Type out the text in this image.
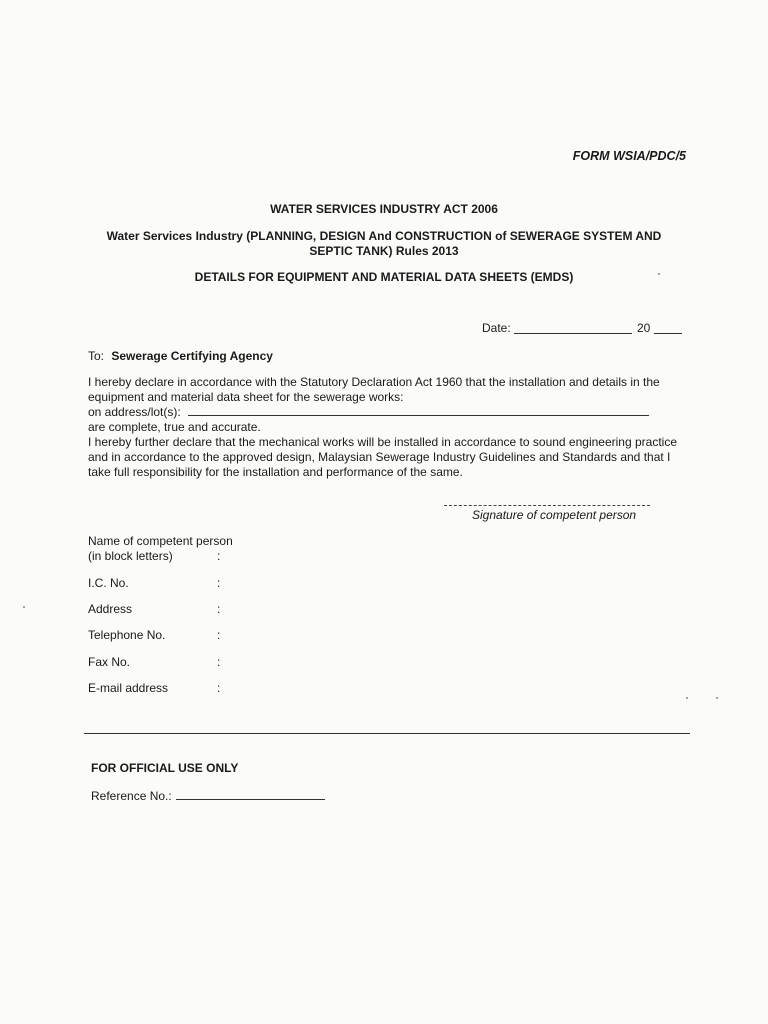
FORM WSIA/PDC/5
WATER SERVICES INDUSTRY ACT 2006
Water Services Industry (PLANNING, DESIGN And CONSTRUCTION of SEWERAGE SYSTEM AND
SEPTIC TANK) Rules 2013
DETAILS FOR EQUIPMENT AND MATERIAL DATA SHEETS (EMDS)
Date:	20
To: Sewerage Certifying Agency
I hereby declare in accordance with the Statutory Declaration Act 1960 that the installation and details in the
equipment and material data sheet for the sewerage works:
on address/lot(s):
are complete, true and accurate.
I hereby further declare that the mechanical works will be installed in accordance to sound engineering practice
and in accordance to the approved design, Malaysian Sewerage Industry Guidelines and Standards and that I
take full responsibility for the installation and performance of the same.
Signature of competent person
Name of competent person
(in block letters)	:
I.C. No.	:
Address	:
Telephone No.	:
Fax No.	:
E-mail address	:
FOR OFFICIAL USE ONLY
Reference No.:
